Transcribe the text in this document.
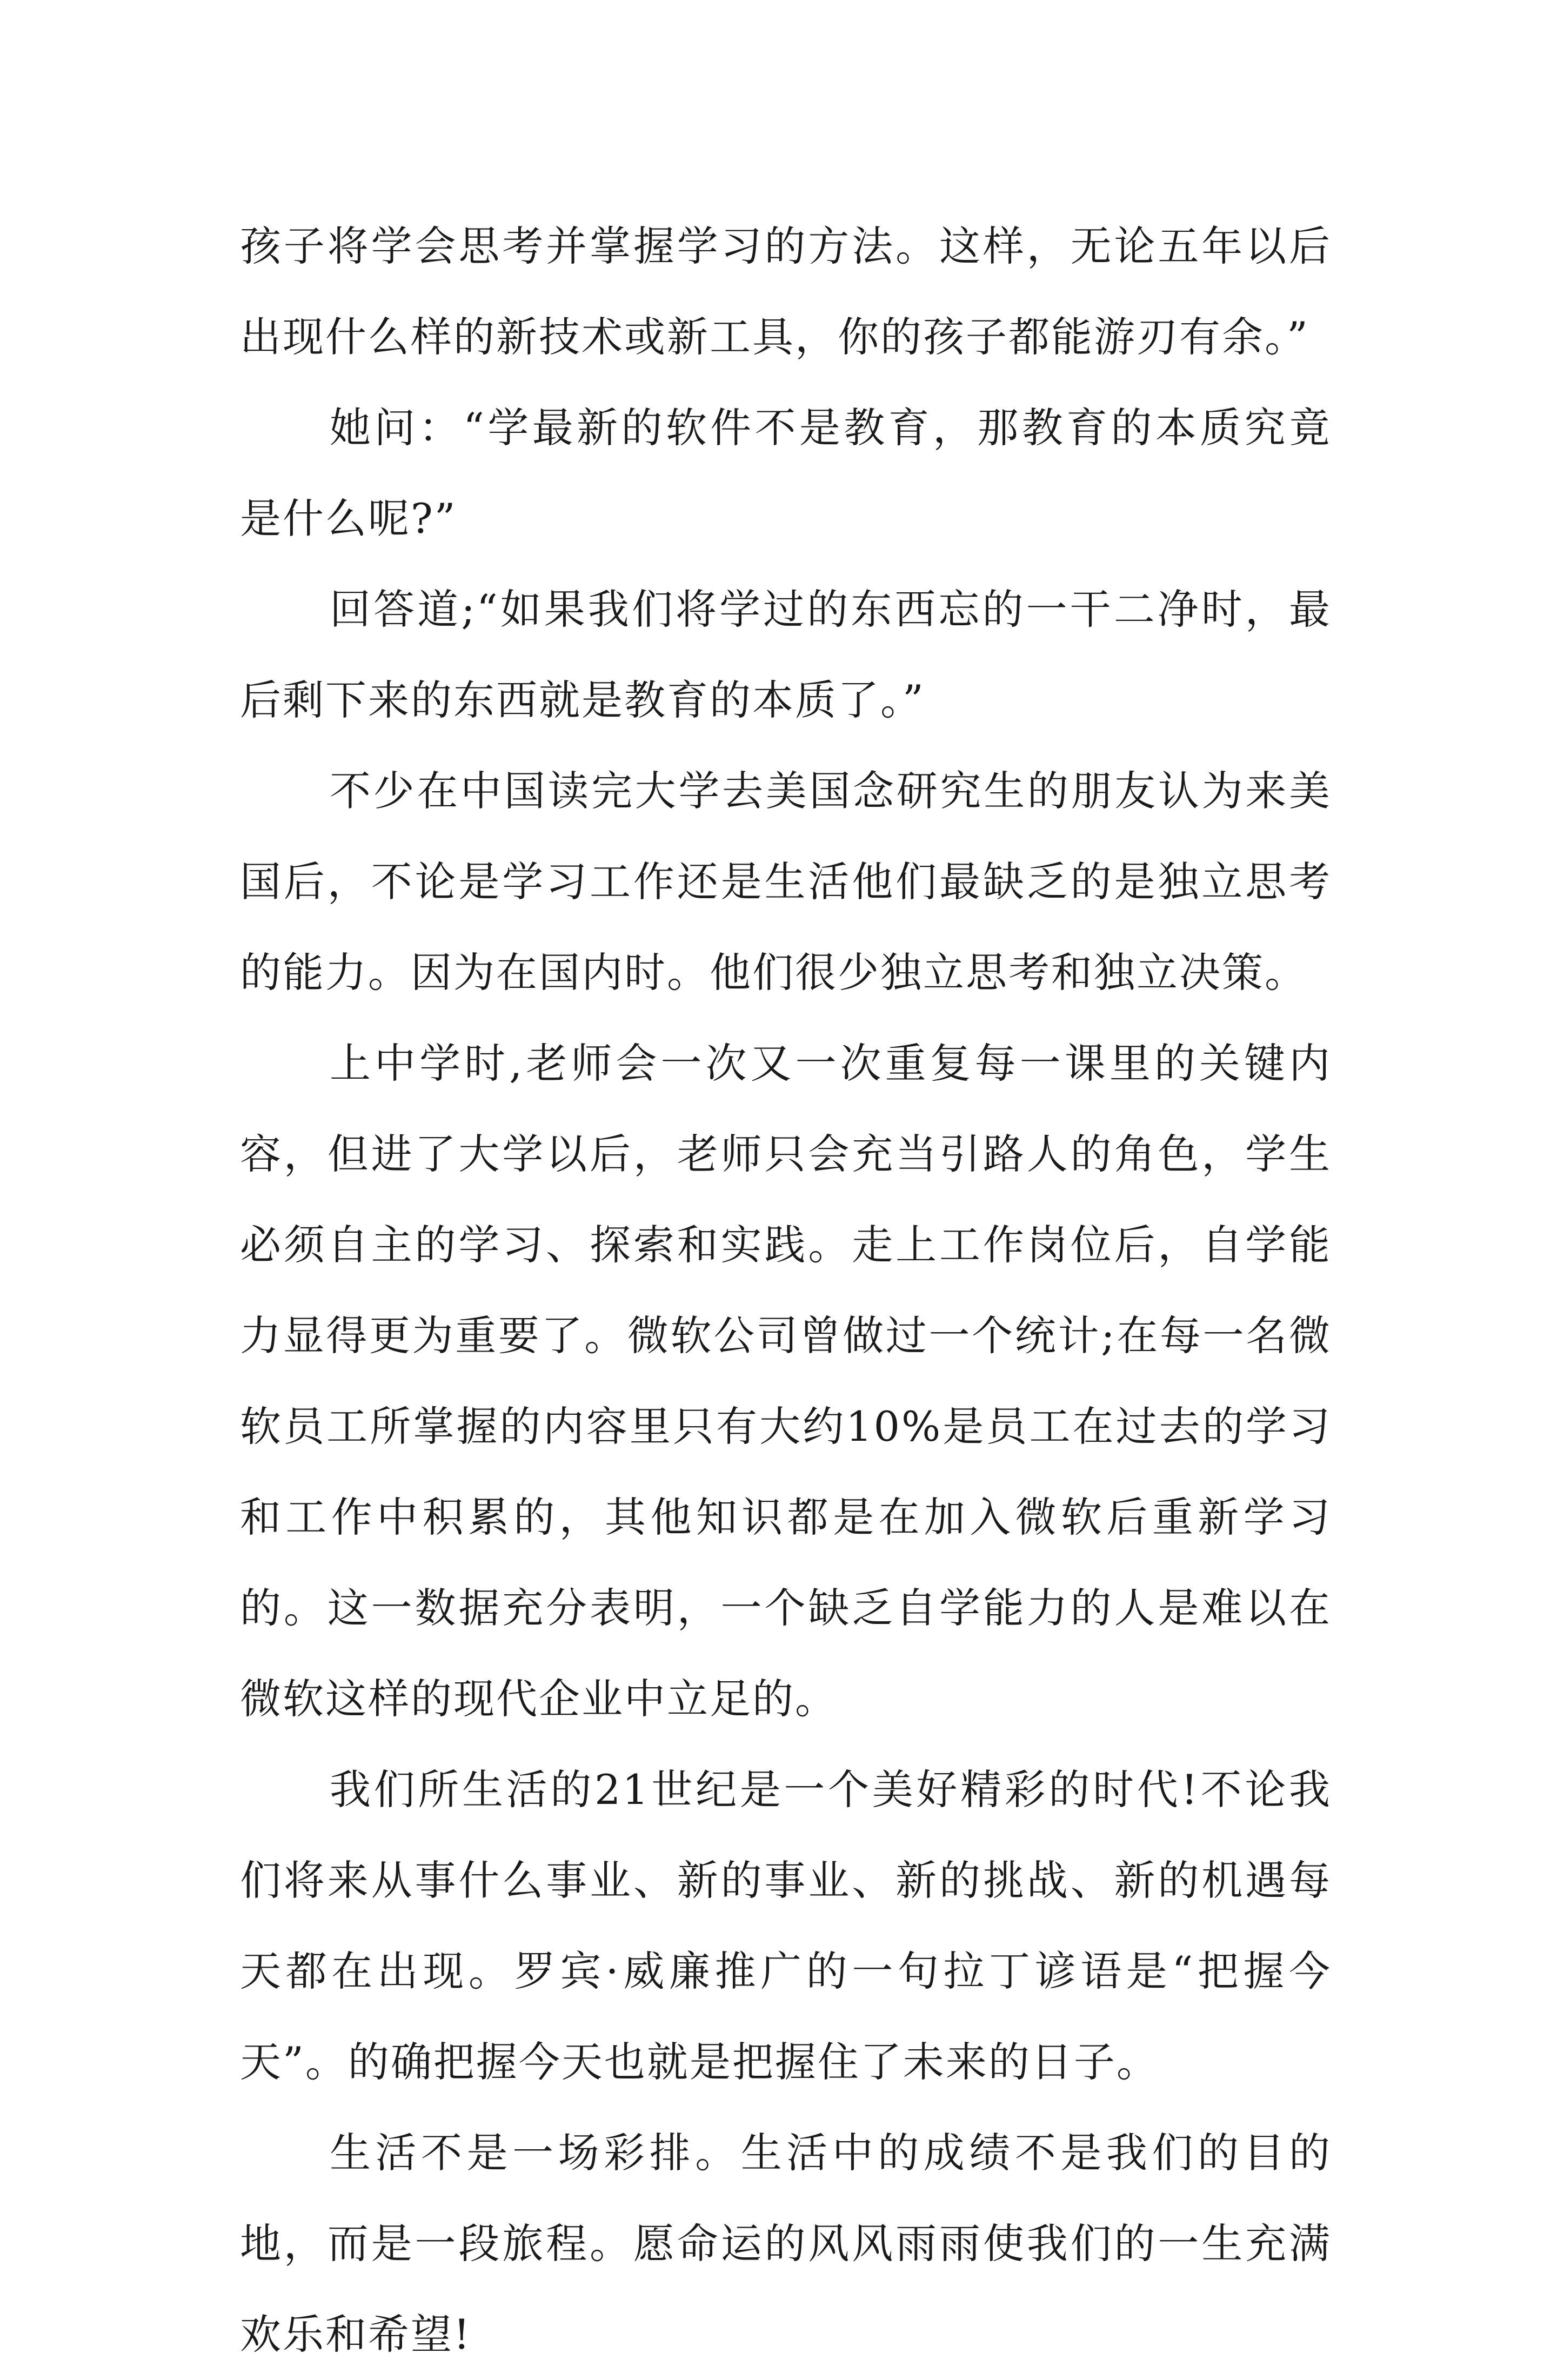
孩子将学会思考并掌握学习的方法。这样，无论五年以后出现什么样的新技术或新工具，你的孩子都能游刃有余。”

她问：“学最新的软件不是教育，那教育的本质究竟是什么呢?”

回答道;“如果我们将学过的东西忘的一干二净时，最后剩下来的东西就是教育的本质了。”

不少在中国读完大学去美国念研究生的朋友认为来美国后，不论是学习工作还是生活他们最缺乏的是独立思考的能力。因为在国内时。他们很少独立思考和独立决策。

上中学时,老师会一次又一次重复每一课里的关键内容，但进了大学以后，老师只会充当引路人的角色，学生必须自主的学习、探索和实践。走上工作岗位后，自学能力显得更为重要了。微软公司曾做过一个统计;在每一名微软员工所掌握的内容里只有大约10%是员工在过去的学习和工作中积累的，其他知识都是在加入微软后重新学习的。这一数据充分表明，一个缺乏自学能力的人是难以在微软这样的现代企业中立足的。

我们所生活的21世纪是一个美好精彩的时代!不论我们将来从事什么事业、新的事业、新的挑战、新的机遇每天都在出现。罗宾·威廉推广的一句拉丁谚语是“把握今天”。的确把握今天也就是把握住了未来的日子。

生活不是一场彩排。生活中的成绩不是我们的目的地，而是一段旅程。愿命运的风风雨雨使我们的一生充满欢乐和希望!
